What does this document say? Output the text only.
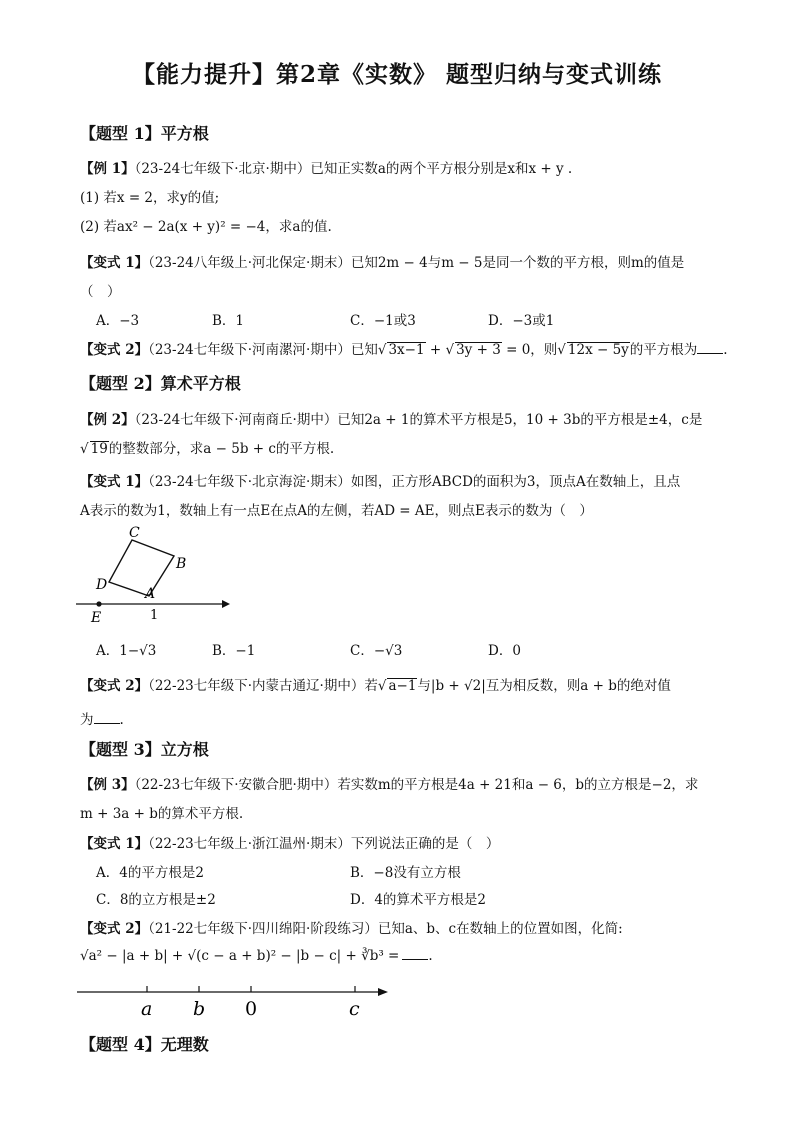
【能力提升】第2章《实数》 题型归纳与变式训练
【题型 1】平方根
【例 1】（23-24七年级下·北京·期中）已知正实数a的两个平方根分别是x和x + y .
(1) 若x = 2，求y的值;
(2) 若ax² − 2a(x + y)² = −4，求a的值.
【变式 1】（23-24八年级上·河北保定·期末）已知2m − 4与m − 5是同一个数的平方根，则m的值是
（　）
A．−3	B．1	C．−1或3	D．−3或1
【变式 2】（23-24七年级下·河南漯河·期中）已知√ 3x−1 + √ 3y + 3 = 0，则√ 12x − 5y的平方根为 .
【题型 2】算术平方根
【例 2】（23-24七年级下·河南商丘·期中）已知2a + 1的算术平方根是5，10 + 3b的平方根是±4，c是
√ 19的整数部分，求a − 5b + c的平方根.
【变式 1】（23-24七年级下·北京海淀·期末）如图，正方形ABCD的面积为3，顶点A在数轴上，且点
A表示的数为1，数轴上有一点E在点A的左侧，若AD = AE，则点E表示的数为（　）
C
B
D
A
E	1
A．1−√3	B．−1	C．−√3	D．0
【变式 2】（22-23七年级下·内蒙古通辽·期中）若√ a−1与|b + √2|互为相反数，则a + b的绝对值
为 .
【题型 3】立方根
【例 3】（22-23七年级下·安徽合肥·期中）若实数m的平方根是4a + 21和a − 6，b的立方根是−2，求
m + 3a + b的算术平方根.
【变式 1】（22-23七年级上·浙江温州·期末）下列说法正确的是（　）
A．4的平方根是2	B．−8没有立方根
C．8的立方根是±2	D．4的算术平方根是2
【变式 2】（21-22七年级下·四川绵阳·阶段练习）已知a、b、c在数轴上的位置如图，化简:
√a² − |a + b| + √(c − a + b)² − |b − c| + ∛b³ = .
a b 0	c
【题型 4】无理数
